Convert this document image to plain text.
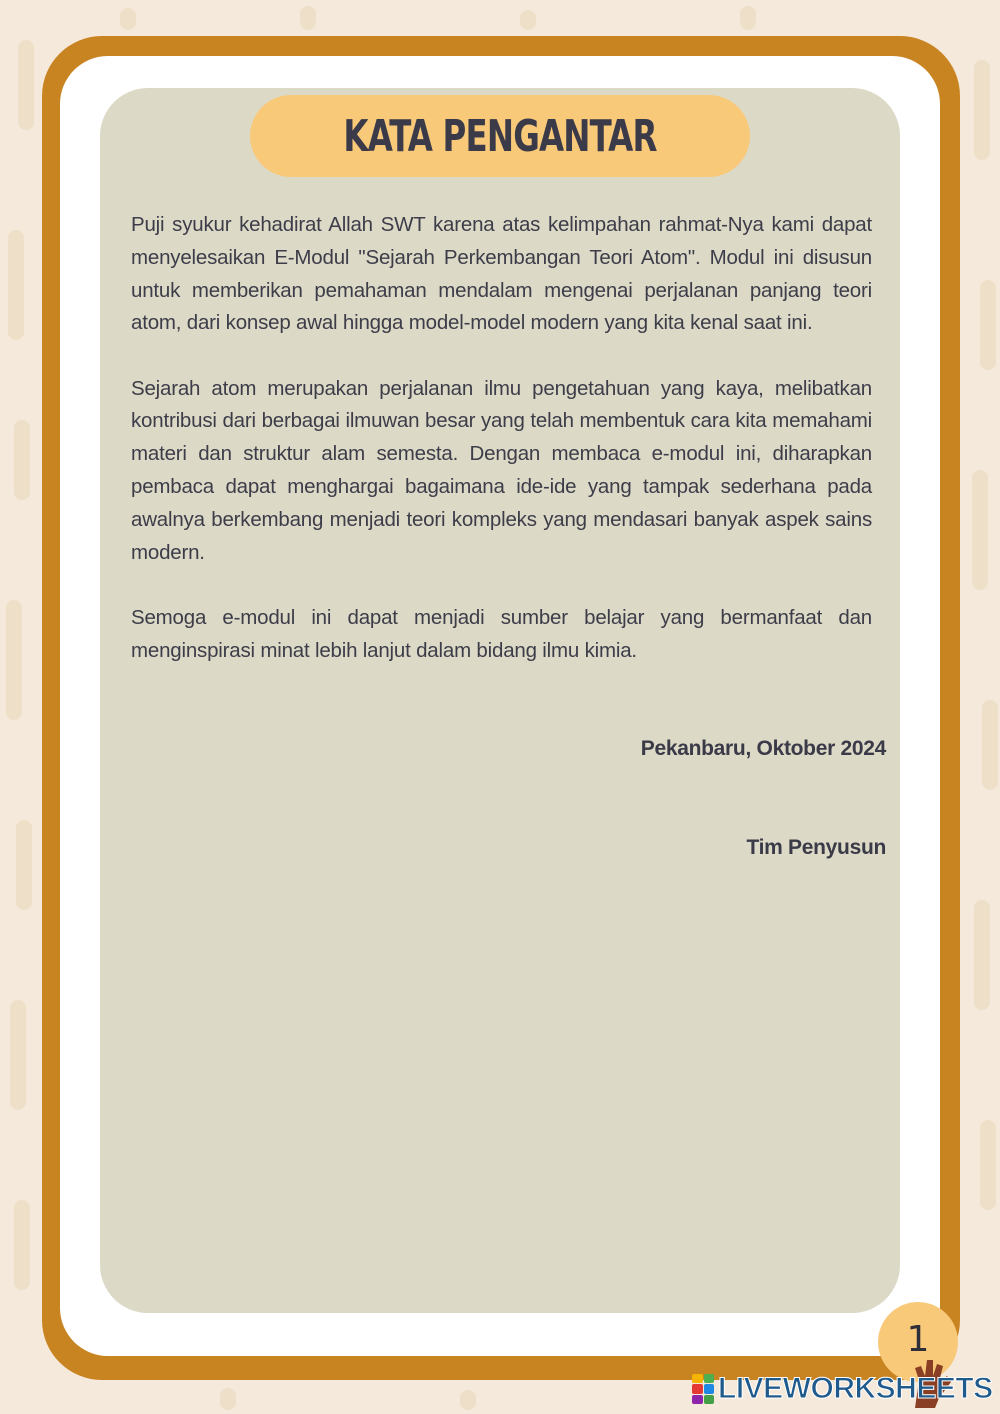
KATA PENGANTAR

Puji syukur kehadirat Allah SWT karena atas kelimpahan rahmat-Nya kami dapat menyelesaikan E-Modul "Sejarah Perkembangan Teori Atom". Modul ini disusun untuk memberikan pemahaman mendalam mengenai perjalanan panjang teori atom, dari konsep awal hingga model-model modern yang kita kenal saat ini.

Sejarah atom merupakan perjalanan ilmu pengetahuan yang kaya, melibatkan kontribusi dari berbagai ilmuwan besar yang telah membentuk cara kita memahami materi dan struktur alam semesta. Dengan membaca e-modul ini, diharapkan pembaca dapat menghargai bagaimana ide-ide yang tampak sederhana pada awalnya berkembang menjadi teori kompleks yang mendasari banyak aspek sains modern.

Semoga e-modul ini dapat menjadi sumber belajar yang bermanfaat dan menginspirasi minat lebih lanjut dalam bidang ilmu kimia.

Pekanbaru, Oktober 2024
Tim Penyusun
1
LIVEWORKSHEETS
